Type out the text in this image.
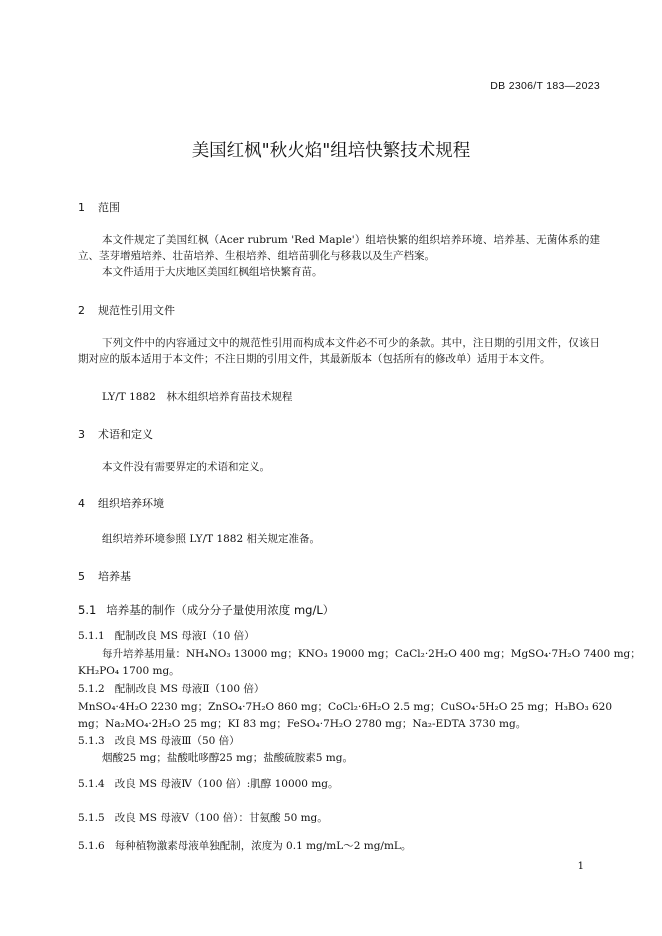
DB 2306/T 183—2023
美国红枫"秋火焰"组培快繁技术规程
1 范围
本文件规定了美国红枫（Acer rubrum 'Red Maple'）组培快繁的组织培养环境、培养基、无菌体系的建立、茎芽增殖培养、壮苗培养、生根培养、组培苗驯化与移栽以及生产档案。
本文件适用于大庆地区美国红枫组培快繁育苗。
2 规范性引用文件
下列文件中的内容通过文中的规范性引用而构成本文件必不可少的条款。其中，注日期的引用文件，仅该日期对应的版本适用于本文件；不注日期的引用文件，其最新版本（包括所有的修改单）适用于本文件。
LY/T 1882　林木组织培养育苗技术规程
3 术语和定义
本文件没有需要界定的术语和定义。
4 组织培养环境
组织培养环境参照 LY/T 1882 相关规定准备。
5 培养基
5.1 培养基的制作（成分分子量使用浓度 mg/L）
5.1.1 配制改良 MS 母液Ⅰ（10 倍）
每升培养基用量：NH₄NO₃ 13000 mg；KNO₃ 19000 mg；CaCl₂·2H₂O 400 mg；MgSO₄·7H₂O 7400 mg；
KH₂PO₄ 1700 mg。
5.1.2 配制改良 MS 母液Ⅱ（100 倍）
MnSO₄·4H₂O 2230 mg；ZnSO₄·7H₂O 860 mg；CoCl₂·6H₂O 2.5 mg；CuSO₄·5H₂O 25 mg；H₃BO₃ 620
mg；Na₂MO₄·2H₂O 25 mg；KI 83 mg；FeSO₄·7H₂O 2780 mg；Na₂-EDTA 3730 mg。
5.1.3 改良 MS 母液Ⅲ（50 倍）
烟酸25 mg；盐酸吡哆醇25 mg；盐酸硫胺素5 mg。
5.1.4 改良 MS 母液Ⅳ（100 倍）:肌醇 10000 mg。
5.1.5 改良 MS 母液Ⅴ（100 倍）：甘氨酸 50 mg。
5.1.6 每种植物激素母液单独配制，浓度为 0.1 mg/mL～2 mg/mL。
1
